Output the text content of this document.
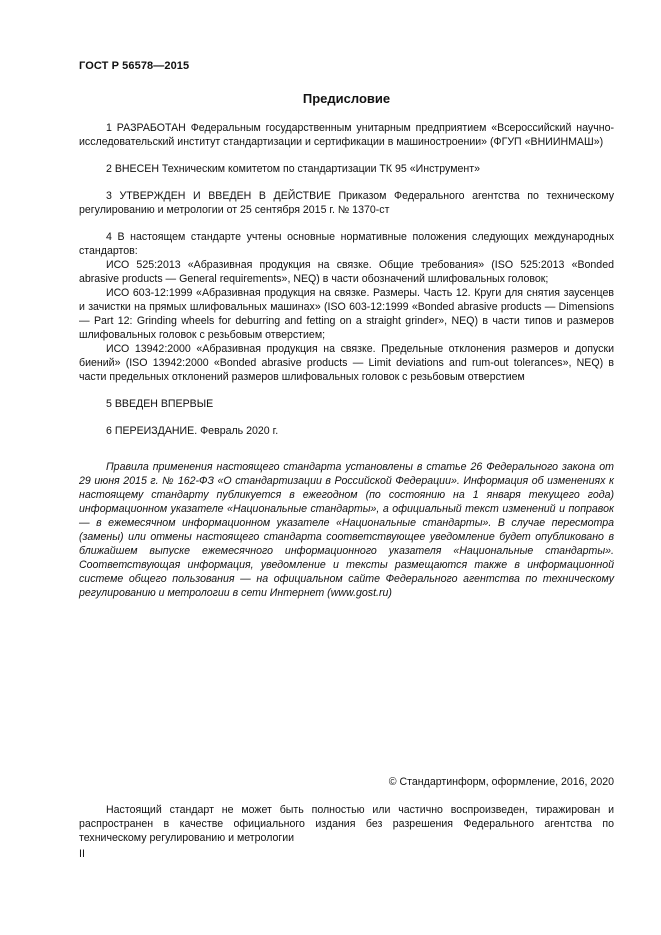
ГОСТ Р 56578—2015
Предисловие

1 РАЗРАБОТАН Федеральным государственным унитарным предприятием «Всероссийский научно-исследовательский институт стандартизации и сертификации в машиностроении» (ФГУП «ВНИИНМАШ»)

2 ВНЕСЕН Техническим комитетом по стандартизации ТК 95 «Инструмент»

3 УТВЕРЖДЕН И ВВЕДЕН В ДЕЙСТВИЕ Приказом Федерального агентства по техническому регулированию и метрологии от 25 сентября 2015 г. № 1370-ст

4 В настоящем стандарте учтены основные нормативные положения следующих международных стандартов:

ИСО 525:2013 «Абразивная продукция на связке. Общие требования» (ISO 525:2013 «Bonded abrasive products — General requirements», NEQ) в части обозначений шлифовальных головок;

ИСО 603-12:1999 «Абразивная продукция на связке. Размеры. Часть 12. Круги для снятия заусенцев и зачистки на прямых шлифовальных машинах» (ISO 603-12:1999 «Bonded abrasive products — Dimensions — Part 12: Grinding wheels for deburring and fetting on a straight grinder», NEQ) в части типов и размеров шлифовальных головок с резьбовым отверстием;

ИСО 13942:2000 «Абразивная продукция на связке. Предельные отклонения размеров и допуски биений» (ISO 13942:2000 «Bonded abrasive products — Limit deviations and rum-out tolerances», NEQ) в части предельных отклонений размеров шлифовальных головок с резьбовым отверстием

5 ВВЕДЕН ВПЕРВЫЕ

6 ПЕРЕИЗДАНИЕ. Февраль 2020 г.

Правила применения настоящего стандарта установлены в статье 26 Федерального закона от 29 июня 2015 г. № 162-ФЗ «О стандартизации в Российской Федерации». Информация об изменениях к настоящему стандарту публикуется в ежегодном (по состоянию на 1 января текущего года) информационном указателе «Национальные стандарты», а официальный текст изменений и поправок — в ежемесячном информационном указателе «Национальные стандарты». В случае пересмотра (замены) или отмены настоящего стандарта соответствующее уведомление будет опубликовано в ближайшем выпуске ежемесячного информационного указателя «Национальные стандарты». Соответствующая информация, уведомление и тексты размещаются также в информационной системе общего пользования — на официальном сайте Федерального агентства по техническому регулированию и метрологии в сети Интернет (www.gost.ru)

© Стандартинформ, оформление, 2016, 2020

Настоящий стандарт не может быть полностью или частично воспроизведен, тиражирован и распространен в качестве официального издания без разрешения Федерального агентства по техническому регулированию и метрологии

II
